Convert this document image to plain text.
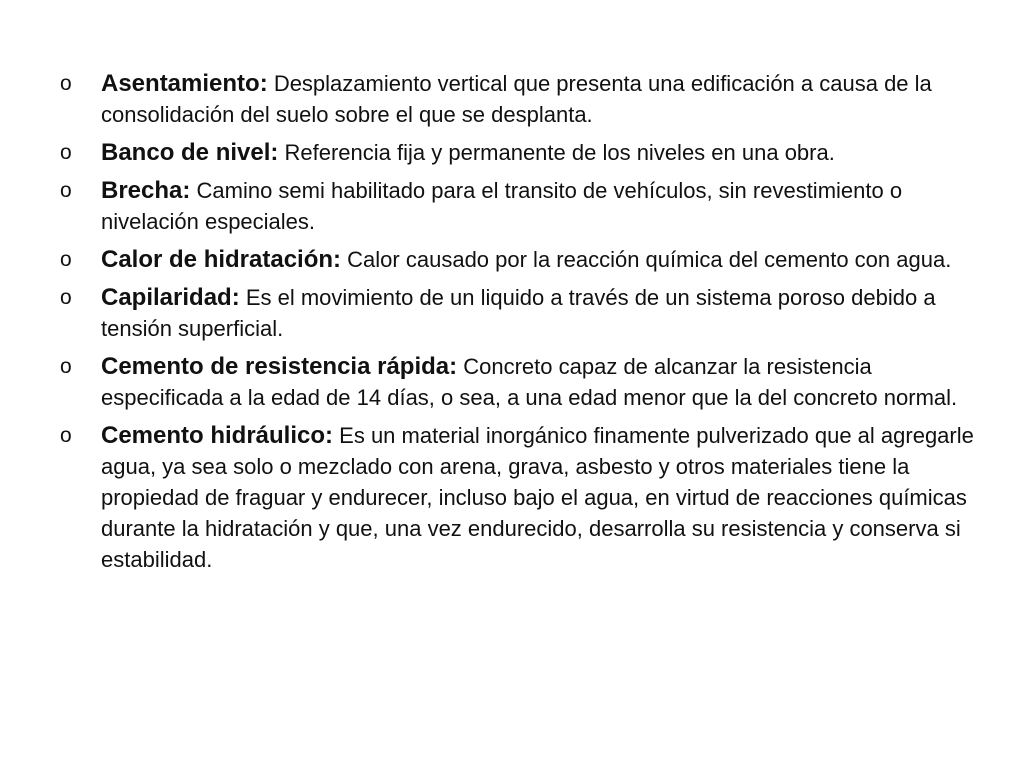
o Asentamiento: Desplazamiento vertical que presenta una edificación a causa de la consolidación del suelo sobre el que se desplanta.
o Banco de nivel: Referencia fija y permanente de los niveles en una obra.
o Brecha: Camino semi habilitado para el transito de vehículos, sin revestimiento o nivelación especiales.
o Calor de hidratación: Calor causado por la reacción química del cemento con agua.
o Capilaridad: Es el movimiento de un liquido a través de un sistema poroso debido a tensión superficial.
o Cemento de resistencia rápida: Concreto capaz de alcanzar la resistencia especificada a la edad de 14 días, o sea, a una edad menor que la del concreto normal.
o Cemento hidráulico: Es un material inorgánico finamente pulverizado que al agregarle agua, ya sea solo o mezclado con arena, grava, asbesto y otros materiales tiene la propiedad de fraguar y endurecer, incluso bajo el agua, en virtud de reacciones químicas durante la hidratación y que, una vez endurecido, desarrolla su resistencia y conserva si estabilidad.
